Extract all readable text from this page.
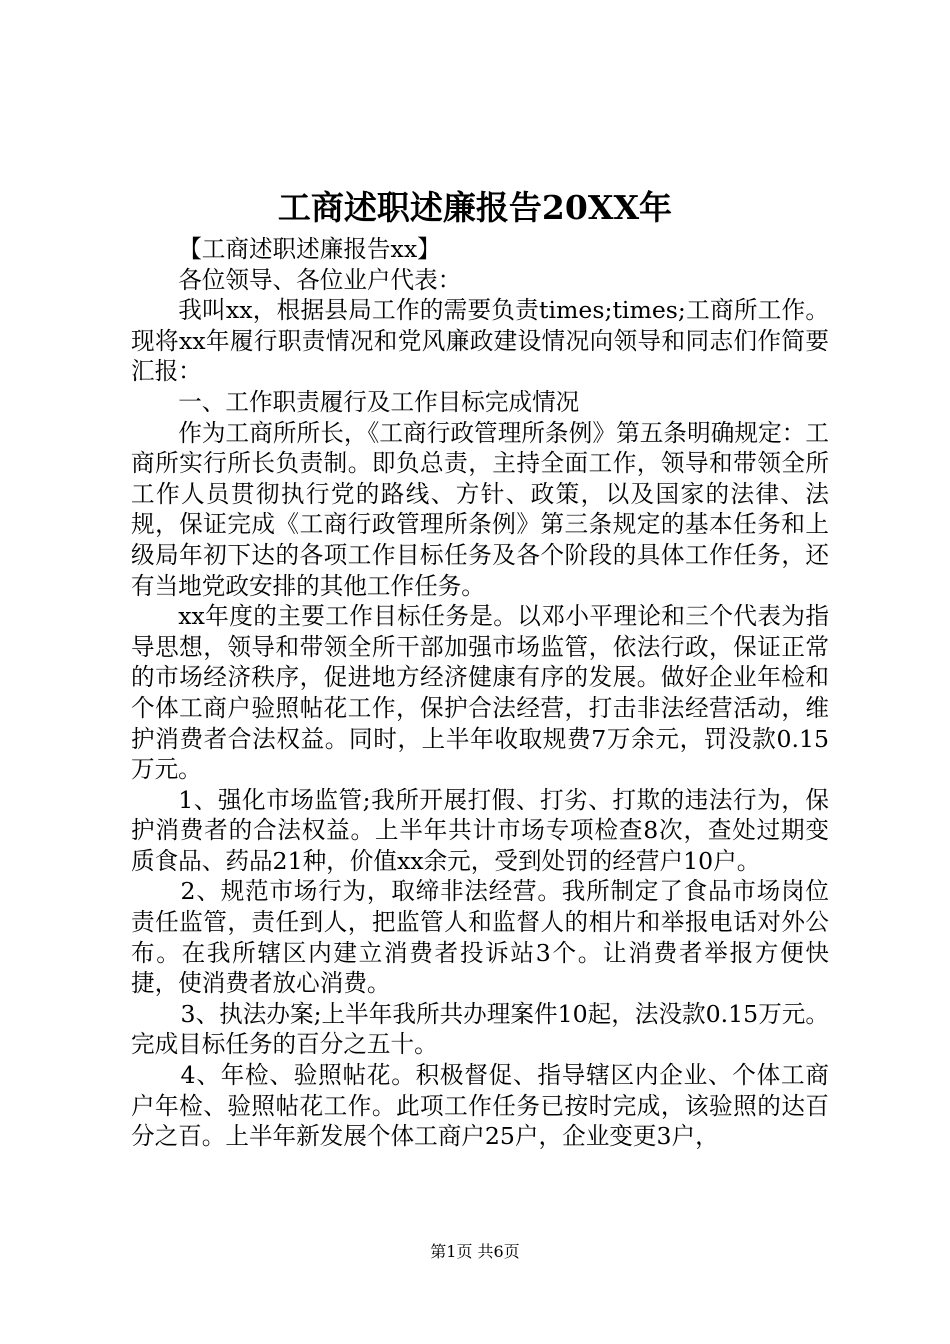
工商述职述廉报告20XX年

【工商述职述廉报告xx】

各位领导、各位业户代表：

我叫xx，根据县局工作的需要负责times;times;工商所工作。现将xx年履行职责情况和党风廉政建设情况向领导和同志们作简要汇报：

一、工作职责履行及工作目标完成情况

作为工商所所长，《工商行政管理所条例》第五条明确规定：工商所实行所长负责制。即负总责，主持全面工作，领导和带领全所工作人员贯彻执行党的路线、方针、政策，以及国家的法律、法规，保证完成《工商行政管理所条例》第三条规定的基本任务和上级局年初下达的各项工作目标任务及各个阶段的具体工作任务，还有当地党政安排的其他工作任务。

xx年度的主要工作目标任务是。以邓小平理论和三个代表为指导思想，领导和带领全所干部加强市场监管，依法行政，保证正常的市场经济秩序，促进地方经济健康有序的发展。做好企业年检和个体工商户验照帖花工作，保护合法经营，打击非法经营活动，维护消费者合法权益。同时，上半年收取规费7万余元，罚没款0.15万元。

1、强化市场监管;我所开展打假、打劣、打欺的违法行为，保护消费者的合法权益。上半年共计市场专项检查8次，查处过期变质食品、药品21种，价值xx余元，受到处罚的经营户10户。

2、规范市场行为，取缔非法经营。我所制定了食品市场岗位责任监管，责任到人，把监管人和监督人的相片和举报电话对外公布。在我所辖区内建立消费者投诉站3个。让消费者举报方便快捷，使消费者放心消费。

3、执法办案;上半年我所共办理案件10起，法没款0.15万元。完成目标任务的百分之五十。

4、年检、验照帖花。积极督促、指导辖区内企业、个体工商户年检、验照帖花工作。此项工作任务已按时完成，该验照的达百分之百。上半年新发展个体工商户25户，企业变更3户，

第1页 共6页
